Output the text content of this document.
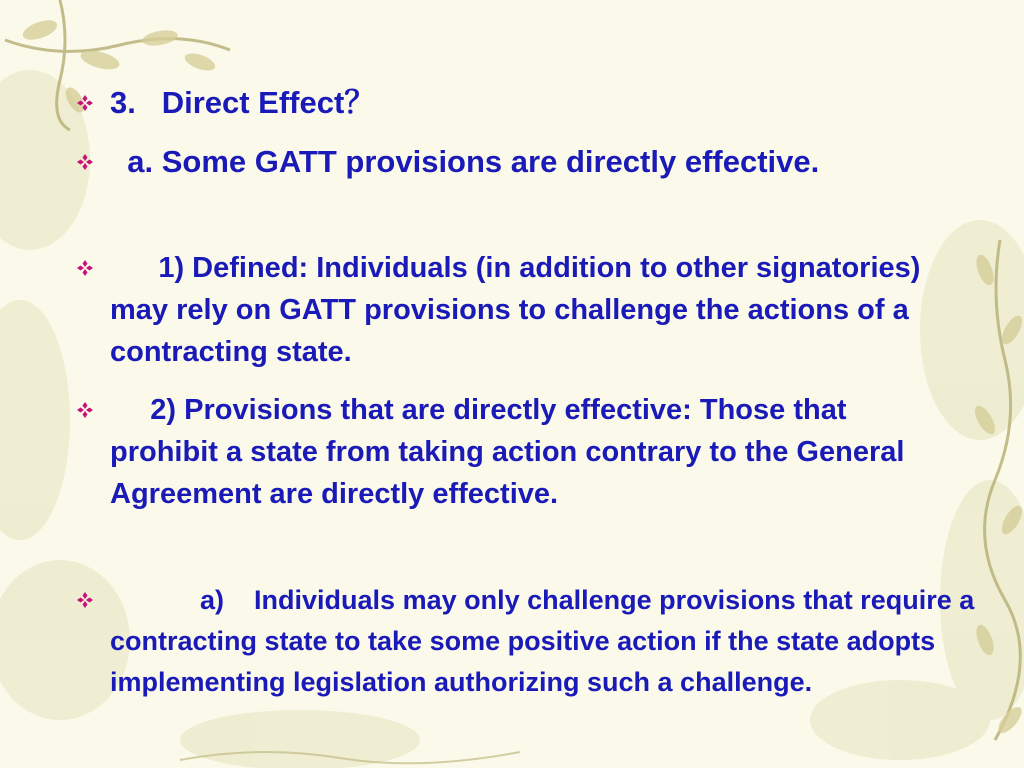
3.   Direct Effect？
a. Some GATT provisions are directly effective.
1) Defined: Individuals (in addition to other signatories) may rely on GATT provisions to challenge the actions of a contracting state.
2) Provisions that are directly effective: Those that prohibit a state from taking action contrary to the General Agreement are directly effective.
a)    Individuals may only challenge provisions that require a contracting state to take some positive action if the state adopts implementing legislation authorizing such a challenge.
